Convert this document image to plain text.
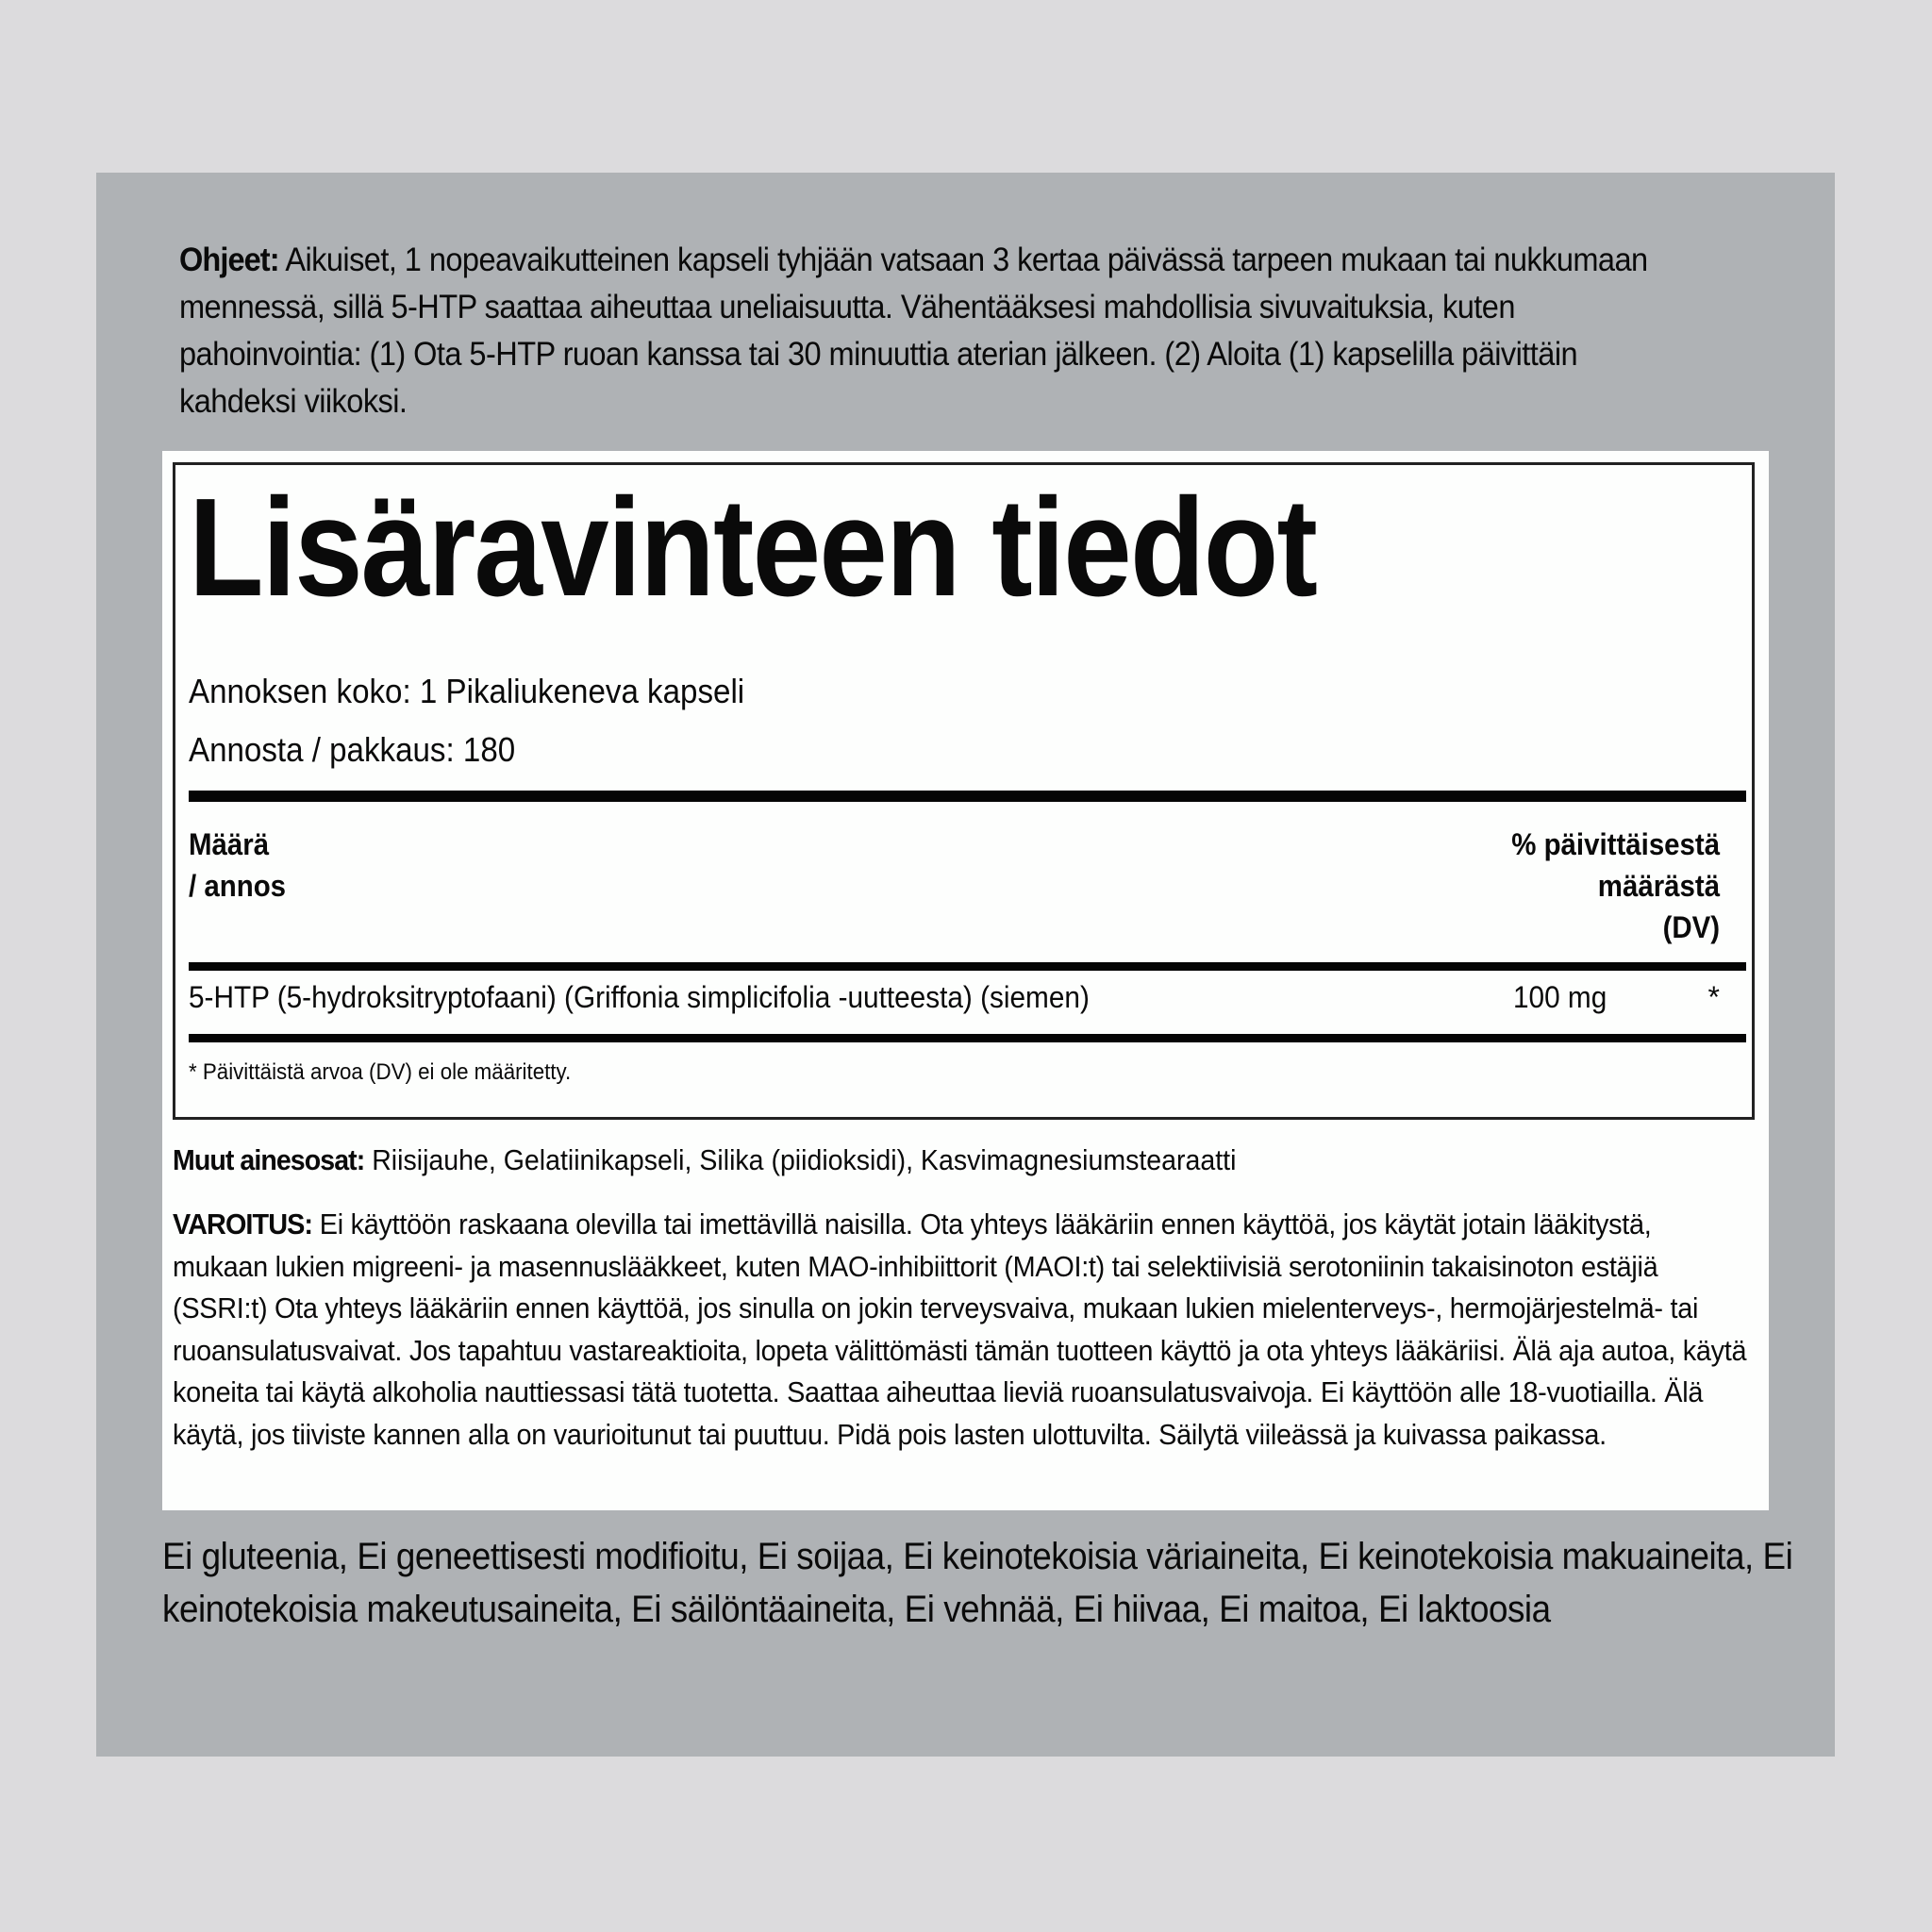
Ohjeet: Aikuiset, 1 nopeavaikutteinen kapseli tyhjään vatsaan 3 kertaa päivässä tarpeen mukaan tai nukkumaan mennessä, sillä 5-HTP saattaa aiheuttaa uneliaisuutta. Vähentääksesi mahdollisia sivuvaituksia, kuten pahoinvointia: (1) Ota 5-HTP ruoan kanssa tai 30 minuuttia aterian jälkeen. (2) Aloita (1) kapselilla päivittäin kahdeksi viikoksi.

Lisäravinteen tiedot
Annoksen koko: 1 Pikaliukeneva kapseli
Annosta / pakkaus: 180
Määrä
/ annos
% päivittäisestä
määrästä
(DV)
5-HTP (5-hydroksitryptofaani) (Griffonia simplicifolia -uutteesta) (siemen)	100 mg	*
* Päivittäistä arvoa (DV) ei ole määritetty.
Muut ainesosat: Riisijauhe, Gelatiinikapseli, Silika (piidioksidi), Kasvimagnesiumstearaatti

VAROITUS: Ei käyttöön raskaana olevilla tai imettävillä naisilla. Ota yhteys lääkäriin ennen käyttöä, jos käytät jotain lääkitystä, mukaan lukien migreeni- ja masennuslääkkeet, kuten MAO-inhibiittorit (MAOI:t) tai selektiivisiä serotoniinin takaisinoton estäjiä (SSRI:t) Ota yhteys lääkäriin ennen käyttöä, jos sinulla on jokin terveysvaiva, mukaan lukien mielenterveys-, hermojärjestelmä- tai ruoansulatusvaivat. Jos tapahtuu vastareaktioita, lopeta välittömästi tämän tuotteen käyttö ja ota yhteys lääkäriisi. Älä aja autoa, käytä koneita tai käytä alkoholia nauttiessasi tätä tuotetta. Saattaa aiheuttaa lieviä ruoansulatusvaivoja. Ei käyttöön alle 18-vuotiailla. Älä käytä, jos tiiviste kannen alla on vaurioitunut tai puuttuu. Pidä pois lasten ulottuvilta. Säilytä viileässä ja kuivassa paikassa.

Ei gluteenia, Ei geneettisesti modifioitu, Ei soijaa, Ei keinotekoisia väriaineita, Ei keinotekoisia makuaineita, Ei keinotekoisia makeutusaineita, Ei säilöntäaineita, Ei vehnää, Ei hiivaa, Ei maitoa, Ei laktoosia
